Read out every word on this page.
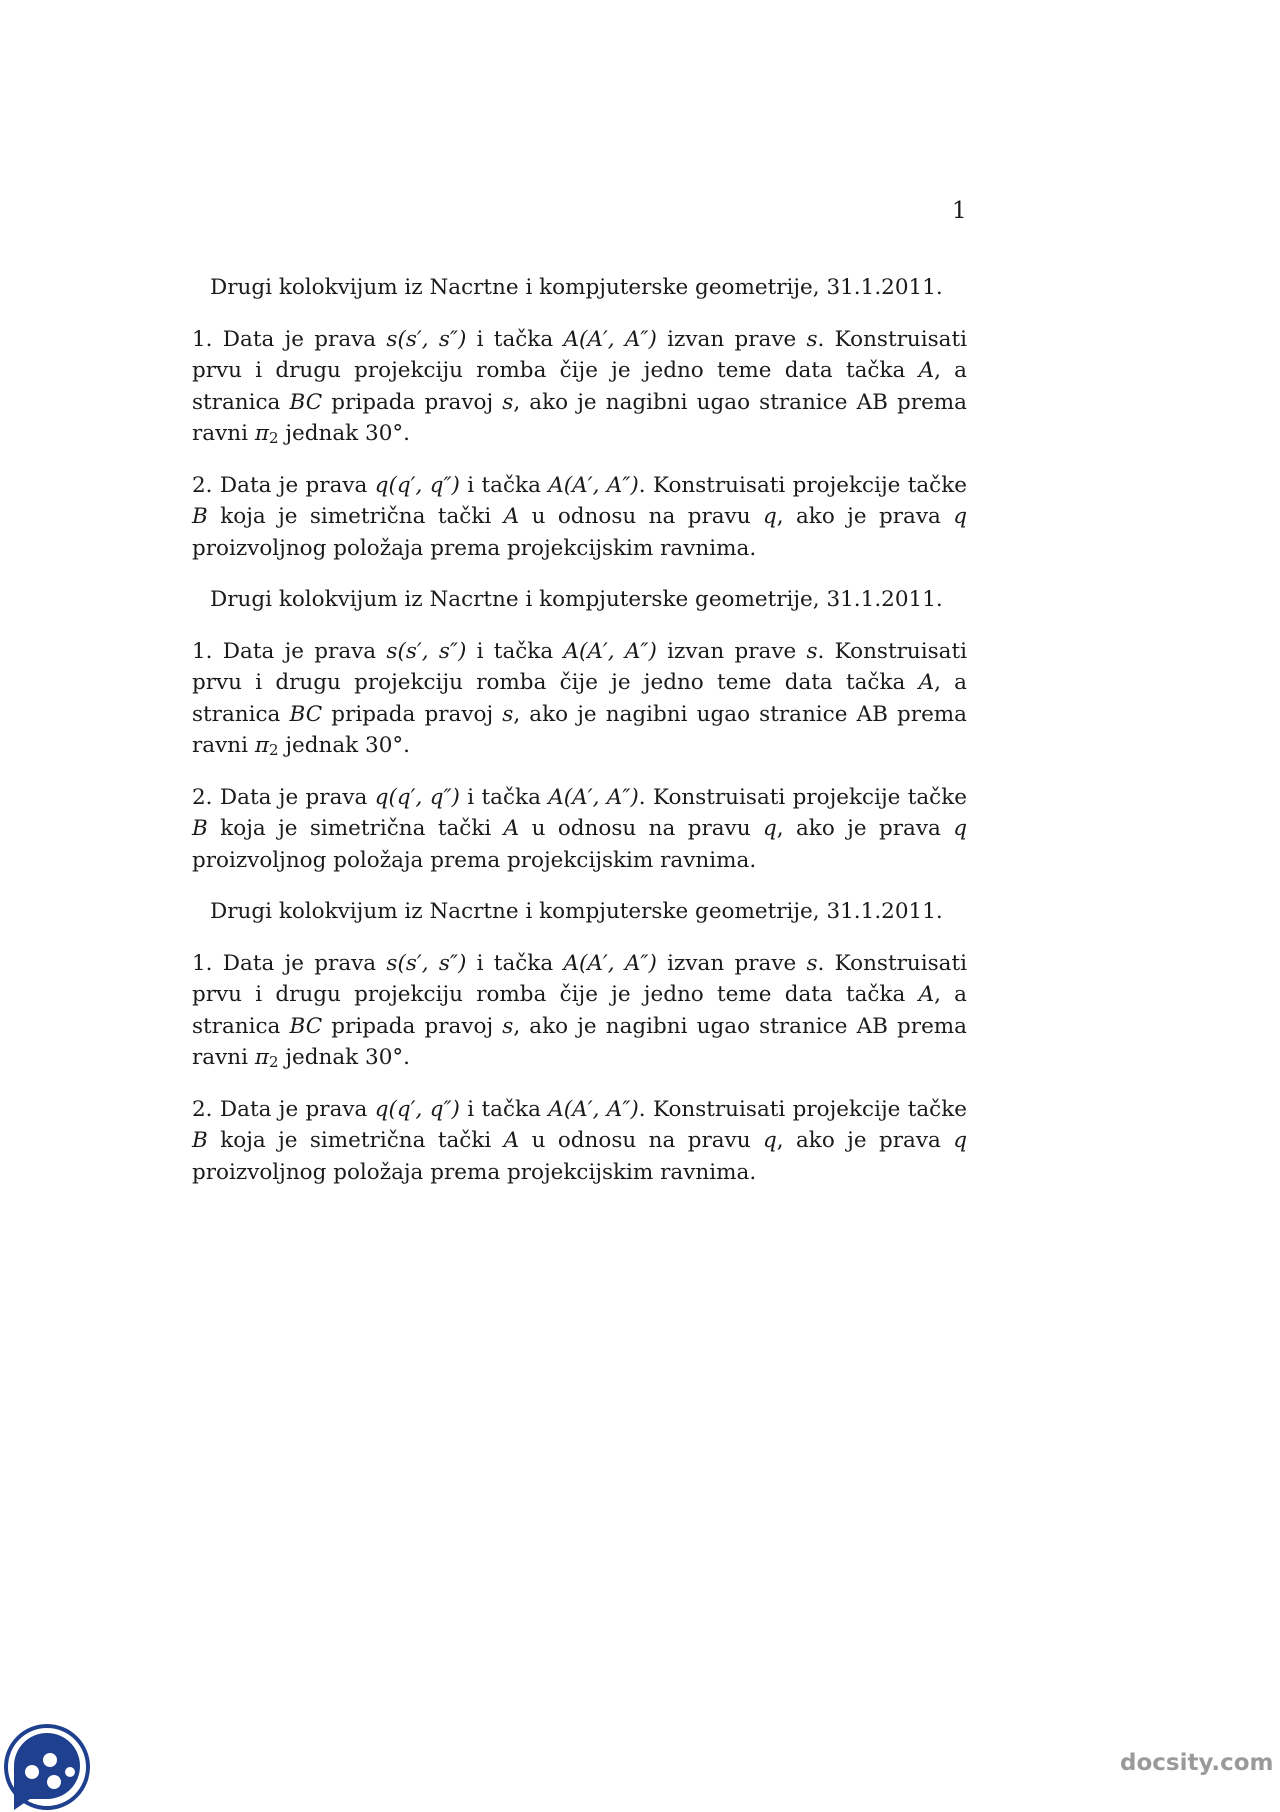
1
Drugi kolokvijum iz Nacrtne i kompjuterske geometrije, 31.1.2011.
1. Data je prava s(s′, s″) i tačka A(A′, A″) izvan prave s. Konstruisati prvu i drugu projekciju romba čije je jedno teme data tačka A, a stranica BC pripada pravoj s, ako je nagibni ugao stranice AB prema ravni $\pi_2$ jednak 30°.
2. Data je prava q(q′, q″) i tačka A(A′, A″). Konstruisati projekcije tačke B koja je simetrična tački A u odnosu na pravu q, ako je prava q proizvoljnog položaja prema projekcijskim ravnima.
Drugi kolokvijum iz Nacrtne i kompjuterske geometrije, 31.1.2011.
1. Data je prava s(s′, s″) i tačka A(A′, A″) izvan prave s. Konstruisati prvu i drugu projekciju romba čije je jedno teme data tačka A, a stranica BC pripada pravoj s, ako je nagibni ugao stranice AB prema ravni $\pi_2$ jednak 30°.
2. Data je prava q(q′, q″) i tačka A(A′, A″). Konstruisati projekcije tačke B koja je simetrična tački A u odnosu na pravu q, ako je prava q proizvoljnog položaja prema projekcijskim ravnima.
Drugi kolokvijum iz Nacrtne i kompjuterske geometrije, 31.1.2011.
1. Data je prava s(s′, s″) i tačka A(A′, A″) izvan prave s. Konstruisati prvu i drugu projekciju romba čije je jedno teme data tačka A, a stranica BC pripada pravoj s, ako je nagibni ugao stranice AB prema ravni $\pi_2$ jednak 30°.
2. Data je prava q(q′, q″) i tačka A(A′, A″). Konstruisati projekcije tačke B koja je simetrična tački A u odnosu na pravu q, ako je prava q proizvoljnog položaja prema projekcijskim ravnima.
docsity.com
